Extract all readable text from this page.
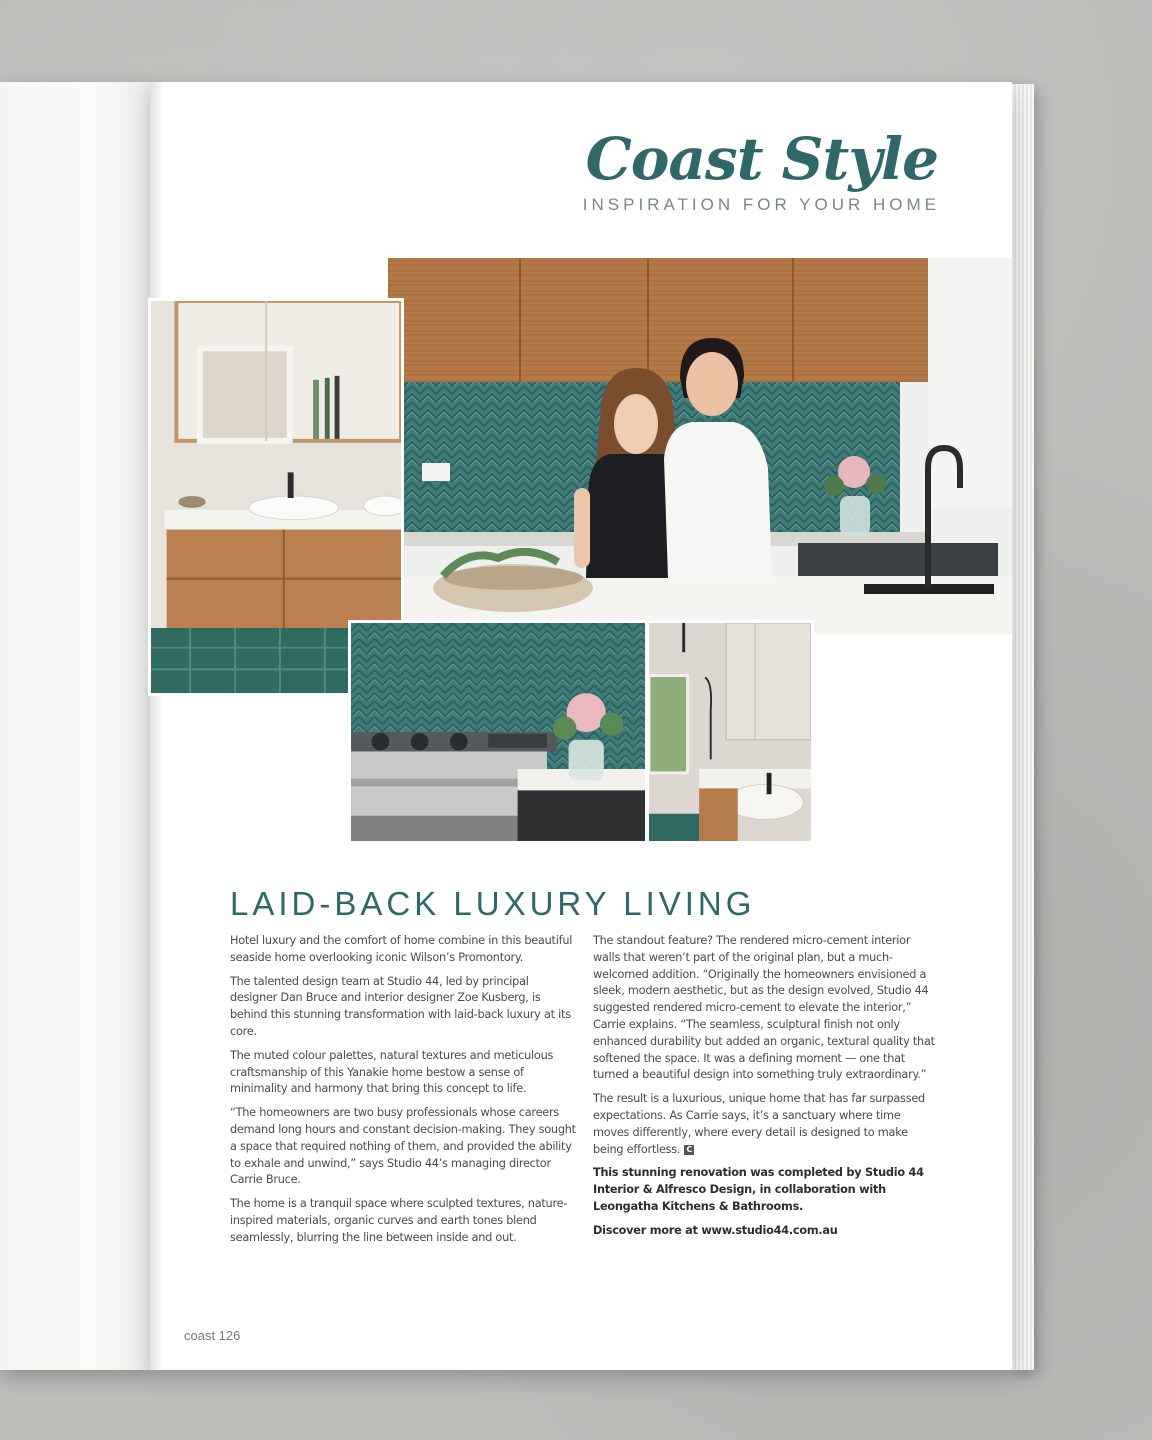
Coast Style
INSPIRATION FOR YOUR HOME
LAID-BACK LUXURY LIVING

Hotel luxury and the comfort of home combine in this beautiful seaside home overlooking iconic Wilson’s Promontory.

The talented design team at Studio 44, led by principal designer Dan Bruce and interior designer Zoe Kusberg, is behind this stunning transformation with laid-back luxury at its core.

The muted colour palettes, natural textures and meticulous craftsmanship of this Yanakie home bestow a sense of minimality and harmony that bring this concept to life.

“The homeowners are two busy professionals whose careers demand long hours and constant decision-making. They sought a space that required nothing of them, and provided the ability to exhale and unwind,” says Studio 44’s managing director Carrie Bruce.

The home is a tranquil space where sculpted textures, nature-inspired materials, organic curves and earth tones blend seamlessly, blurring the line between inside and out.

The standout feature? The rendered micro-cement interior walls that weren’t part of the original plan, but a much-welcomed addition. “Originally the homeowners envisioned a sleek, modern aesthetic, but as the design evolved, Studio 44 suggested rendered micro-cement to elevate the interior,” Carrie explains. “The seamless, sculptural finish not only enhanced durability but added an organic, textural quality that softened the space. It was a defining moment — one that turned a beautiful design into something truly extraordinary.”

The result is a luxurious, unique home that has far surpassed expectations. As Carrie says, it’s a sanctuary where time moves differently, where every detail is designed to make being effortless. C

This stunning renovation was completed by Studio 44 Interior & Alfresco Design, in collaboration with Leongatha Kitchens & Bathrooms.

Discover more at www.studio44.com.au

coast 126
